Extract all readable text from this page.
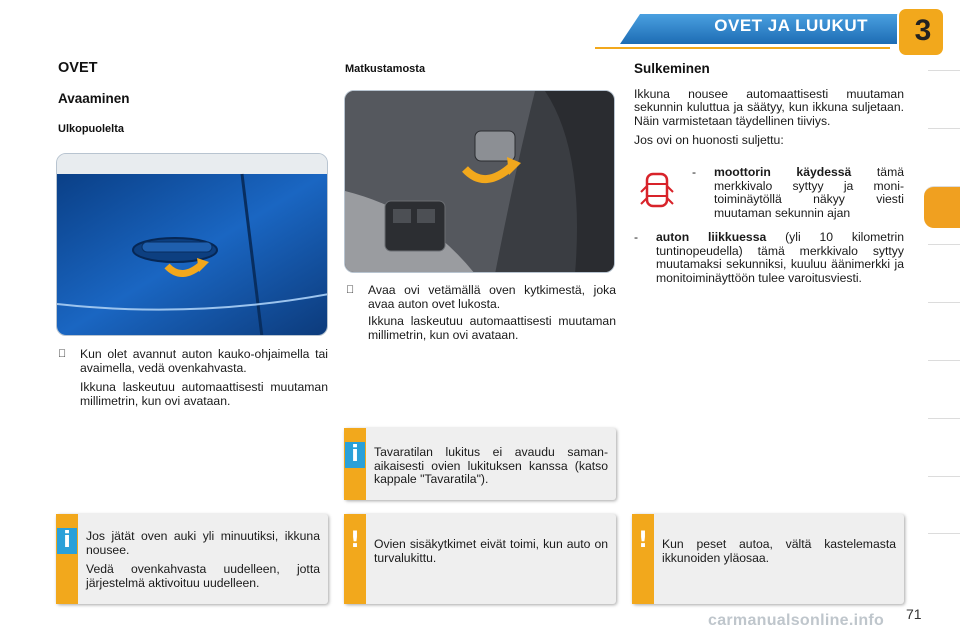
OVET JA LUUKUT	3
OVET
Avaaminen
Ulkopuolelta
Kun olet avannut auton kauko-ohjaimella tai avaimella, vedä ovenkahvasta.
Ikkuna laskeutuu automaattisesti muutaman millimetrin, kun ovi avataan.
Matkustamosta
Avaa ovi vetämällä oven kytkimestä, joka avaa auton ovet lukosta.
Ikkuna laskeutuu automaattisesti muutaman millimetrin, kun ovi avataan.
Sulkeminen
Ikkuna nousee automaattisesti muutaman sekunnin kuluttua ja säätyy, kun ikkuna suljetaan. Näin varmistetaan täydellinen tiiviys.
Jos ovi on huonosti suljettu:
-	moottorin käydessä tämä merkkivalo syttyy ja monitoiminäytöllä näkyy viesti muutaman sekunnin ajan
-	auton liikkuessa (yli 10 kilometrin tuntinopeudella) tämä merkkivalo syttyy muutamaksi sekunniksi, kuuluu äänimerkki ja monitoiminäyttöön tulee varoitusviesti.
i	Tavaratilan lukitus ei avaudu samanaikaisesti ovien lukituksen kanssa (katso kappale "Tavaratila").
i	Jos jätät oven auki yli minuutiksi, ikkuna nousee.
Vedä ovenkahvasta uudelleen, jotta järjestelmä aktivoituu uudelleen.
!	Ovien sisäkytkimet eivät toimi, kun auto on turvalukittu.
!	Kun peset autoa, vältä kastelemasta ikkunoiden yläosaa.
71
carmanualsonline.info
